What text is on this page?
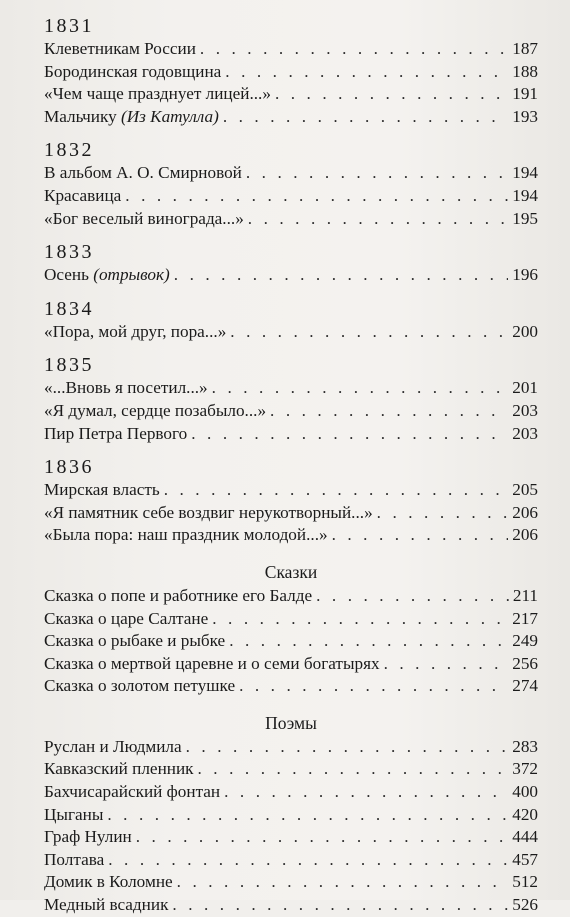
1831
Клеветникам России . . .	187
Бородинская годовщина . . .	188
«Чем чаще празднует лицей...» . . .	191
Мальчику (Из Катулла) . . .	193
1832
В альбом А. О. Смирновой . . .	194
Красавица . . .	194
«Бог веселый винограда...» . . .	195
1833
Осень (отрывок) . . .	196
1834
«Пора, мой друг, пора...» . . .	200
1835
«...Вновь я посетил...» . . .	201
«Я думал, сердце позабыло...» . . .	203
Пир Петра Первого . . .	203
1836
Мирская власть . . .	205
«Я памятник себе воздвиг нерукотворный...» . . .	206
«Была пора: наш праздник молодой...» . . .	206
Сказки
Сказка о попе и работнике его Балде . . .	211
Сказка о царе Салтане . . .	217
Сказка о рыбаке и рыбке . . .	249
Сказка о мертвой царевне и о семи богатырях . . .	256
Сказка о золотом петушке . . .	274
Поэмы
Руслан и Людмила . . .	283
Кавказский пленник . . .	372
Бахчисарайский фонтан . . .	400
Цыганы . . .	420
Граф Нулин . . .	444
Полтава . . .	457
Домик в Коломне . . .	512
Медный всадник . . .	526
